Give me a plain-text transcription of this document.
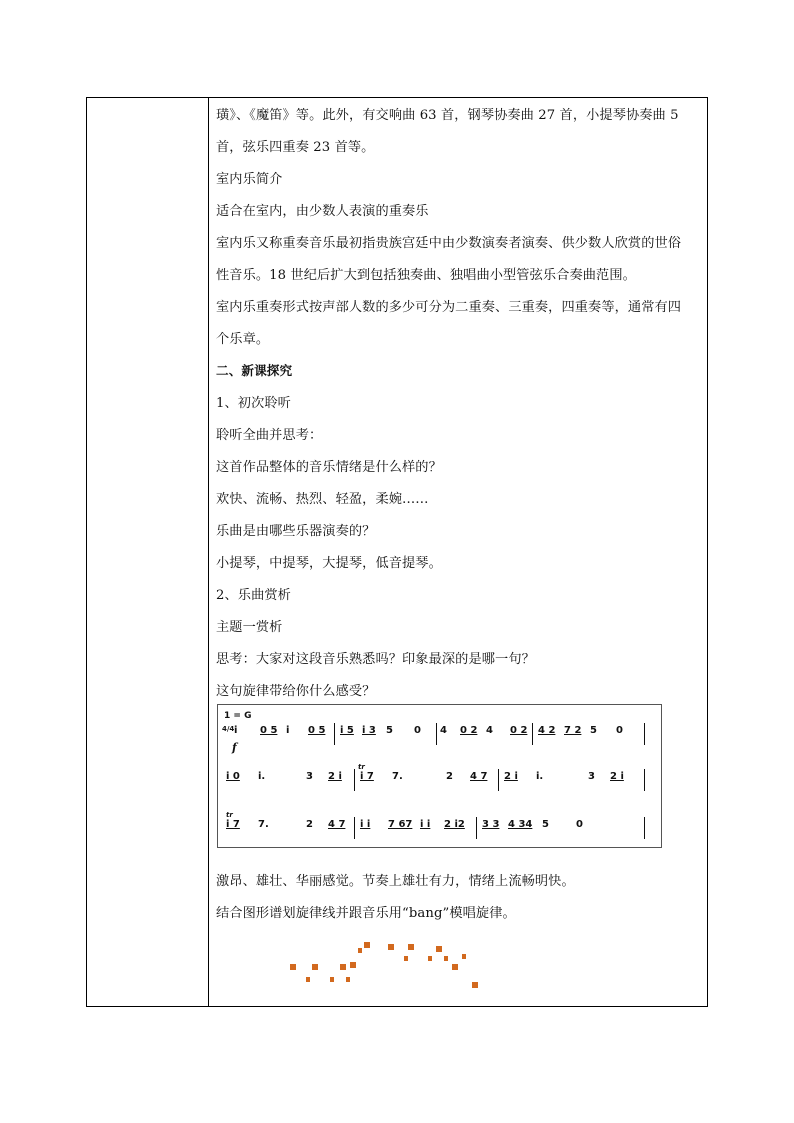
璜》、《魔笛》等。此外，有交响曲 63 首，钢琴协奏曲 27 首，小提琴协奏曲 5
首，弦乐四重奏 23 首等。
室内乐简介
适合在室内，由少数人表演的重奏乐
室内乐又称重奏音乐最初指贵族宫廷中由少数演奏者演奏、供少数人欣赏的世俗
性音乐。18 世纪后扩大到包括独奏曲、独唱曲小型管弦乐合奏曲范围。
室内乐重奏形式按声部人数的多少可分为二重奏、三重奏，四重奏等，通常有四
个乐章。
二、新课探究
1、初次聆听
聆听全曲并思考：
这首作品整体的音乐情绪是什么样的？
欢快、流畅、热烈、轻盈，柔婉……
乐曲是由哪些乐器演奏的？
小提琴，中提琴，大提琴，低音提琴。
2、乐曲赏析
主题一赏析
思考：大家对这段音乐熟悉吗？印象最深的是哪一句？
这句旋律带给你什么感受？
1 = G
4/4
f
i 0 5 i 0 5 i 5 i 3 5 0 4 0 2 4 0 2 4 2 7 2 5 0
i 0 i.	3 2 i
tr
i 7 7.	2 4 7 2 i i.	3 2 i
tr
i 7 7.	2 4 7 i i 7 67 i i 2 i2 3 3 4 34 5	0
激昂、雄壮、华丽感觉。节奏上雄壮有力，情绪上流畅明快。
结合图形谱划旋律线并跟音乐用“bang”模唱旋律。
